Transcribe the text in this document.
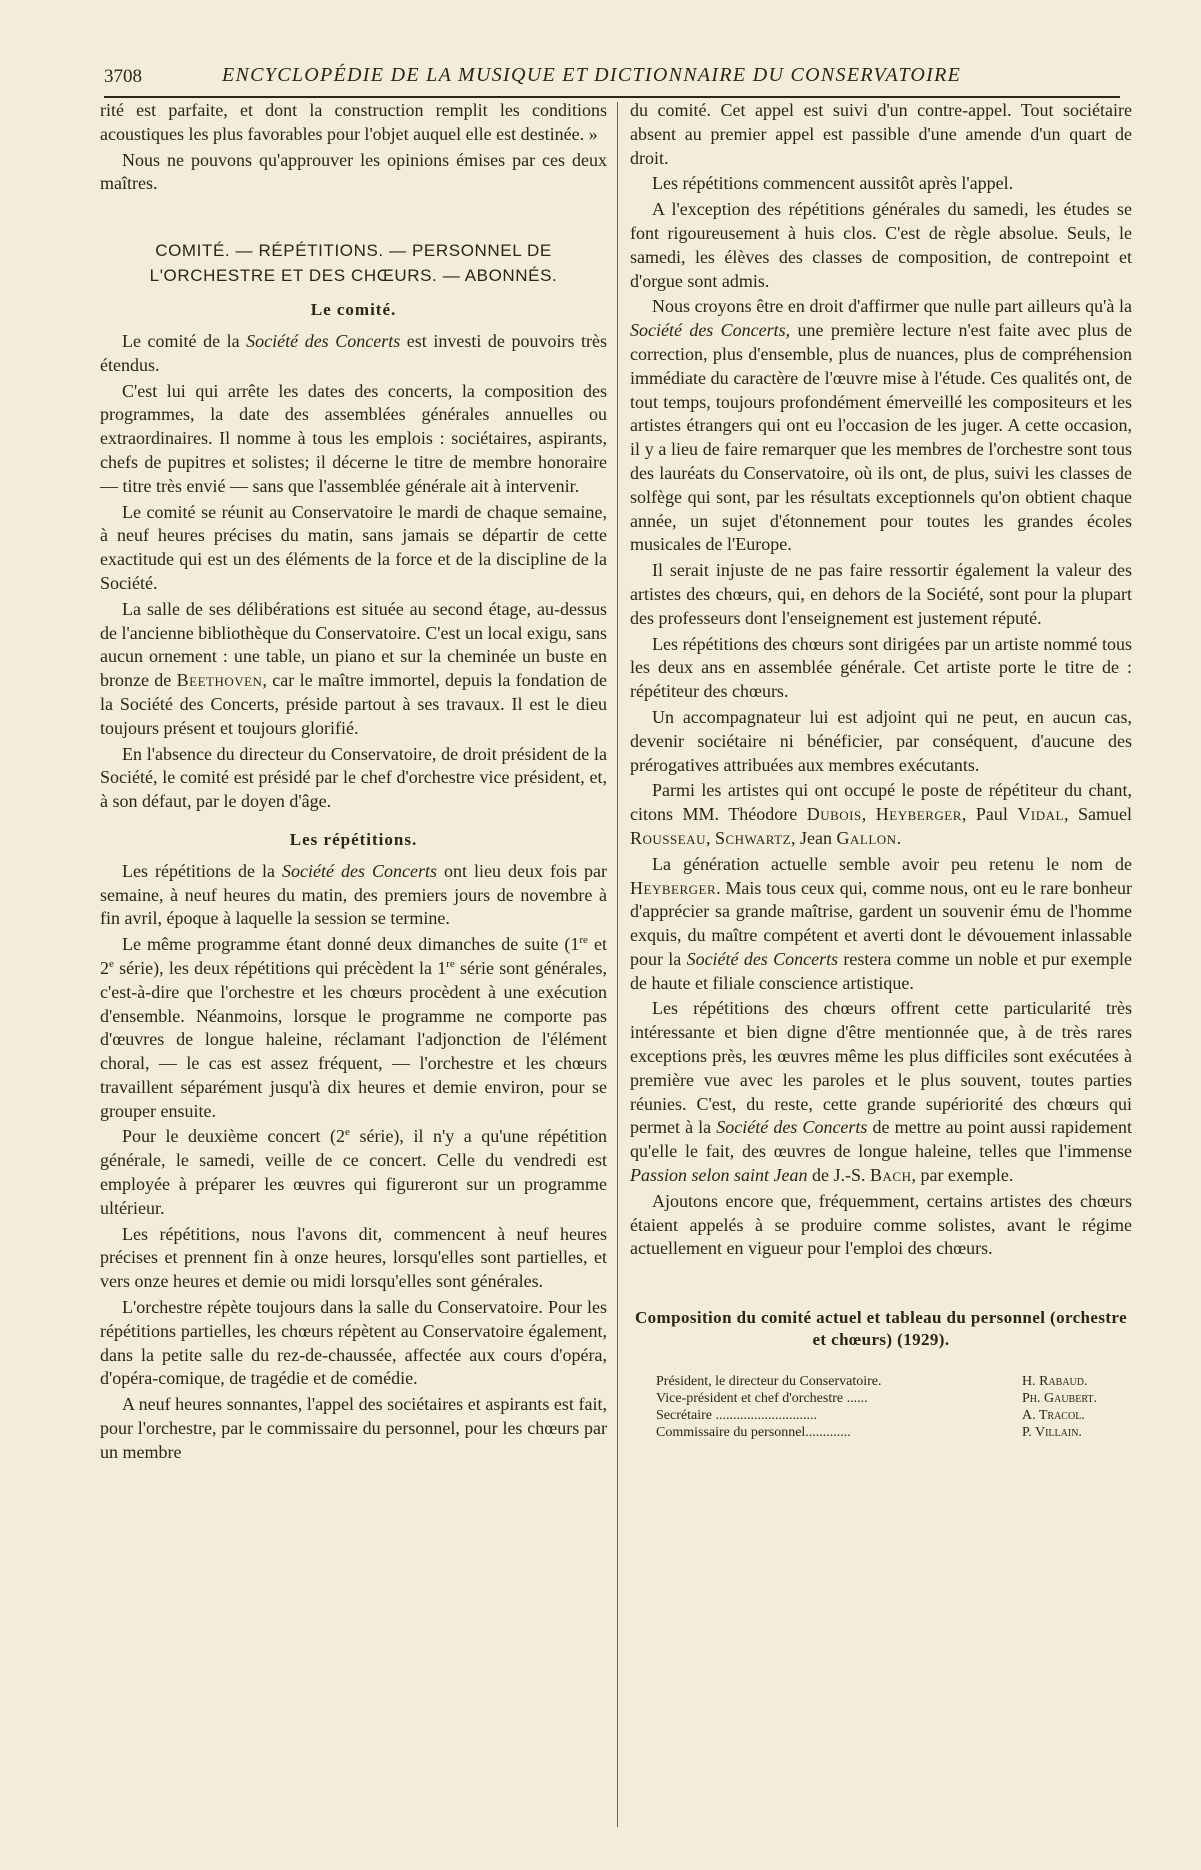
3708	ENCYCLOPÉDIE DE LA MUSIQUE ET DICTIONNAIRE DU CONSERVATOIRE

rité est parfaite, et dont la construction remplit les conditions acoustiques les plus favorables pour l'objet auquel elle est destinée. »

Nous ne pouvons qu'approuver les opinions émises par ces deux maîtres.

COMITÉ. — RÉPÉTITIONS. — PERSONNEL DE L'ORCHESTRE ET DES CHŒURS. — ABONNÉS.
Le comité.

Le comité de la Société des Concerts est investi de pouvoirs très étendus.

C'est lui qui arrête les dates des concerts, la composition des programmes, la date des assemblées générales annuelles ou extraordinaires. Il nomme à tous les emplois : sociétaires, aspirants, chefs de pupitres et solistes; il décerne le titre de membre honoraire — titre très envié — sans que l'assemblée générale ait à intervenir.

Le comité se réunit au Conservatoire le mardi de chaque semaine, à neuf heures précises du matin, sans jamais se départir de cette exactitude qui est un des éléments de la force et de la discipline de la Société.

La salle de ses délibérations est située au second étage, au-dessus de l'ancienne bibliothèque du Conservatoire. C'est un local exigu, sans aucun ornement : une table, un piano et sur la cheminée un buste en bronze de Beethoven, car le maître immortel, depuis la fondation de la Société des Concerts, préside partout à ses travaux. Il est le dieu toujours présent et toujours glorifié.

En l'absence du directeur du Conservatoire, de droit président de la Société, le comité est présidé par le chef d'orchestre vice président, et, à son défaut, par le doyen d'âge.

Les répétitions.

Les répétitions de la Société des Concerts ont lieu deux fois par semaine, à neuf heures du matin, des premiers jours de novembre à fin avril, époque à laquelle la session se termine.

Le même programme étant donné deux dimanches de suite (1re et 2e série), les deux répétitions qui précèdent la 1re série sont générales, c'est-à-dire que l'orchestre et les chœurs procèdent à une exécution d'ensemble. Néanmoins, lorsque le programme ne comporte pas d'œuvres de longue haleine, réclamant l'adjonction de l'élément choral, — le cas est assez fréquent, — l'orchestre et les chœurs travaillent séparément jusqu'à dix heures et demie environ, pour se grouper ensuite.

Pour le deuxième concert (2e série), il n'y a qu'une répétition générale, le samedi, veille de ce concert. Celle du vendredi est employée à préparer les œuvres qui figureront sur un programme ultérieur.

Les répétitions, nous l'avons dit, commencent à neuf heures précises et prennent fin à onze heures, lorsqu'elles sont partielles, et vers onze heures et demie ou midi lorsqu'elles sont générales.

L'orchestre répète toujours dans la salle du Conservatoire. Pour les répétitions partielles, les chœurs répètent au Conservatoire également, dans la petite salle du rez-de-chaussée, affectée aux cours d'opéra, d'opéra-comique, de tragédie et de comédie.

A neuf heures sonnantes, l'appel des sociétaires et aspirants est fait, pour l'orchestre, par le commissaire du personnel, pour les chœurs par un membre

du comité. Cet appel est suivi d'un contre-appel. Tout sociétaire absent au premier appel est passible d'une amende d'un quart de droit.

Les répétitions commencent aussitôt après l'appel.

A l'exception des répétitions générales du samedi, les études se font rigoureusement à huis clos. C'est de règle absolue. Seuls, le samedi, les élèves des classes de composition, de contrepoint et d'orgue sont admis.

Nous croyons être en droit d'affirmer que nulle part ailleurs qu'à la Société des Concerts, une première lecture n'est faite avec plus de correction, plus d'ensemble, plus de nuances, plus de compréhension immédiate du caractère de l'œuvre mise à l'étude. Ces qualités ont, de tout temps, toujours profondément émerveillé les compositeurs et les artistes étrangers qui ont eu l'occasion de les juger. A cette occasion, il y a lieu de faire remarquer que les membres de l'orchestre sont tous des lauréats du Conservatoire, où ils ont, de plus, suivi les classes de solfège qui sont, par les résultats exceptionnels qu'on obtient chaque année, un sujet d'étonnement pour toutes les grandes écoles musicales de l'Europe.

Il serait injuste de ne pas faire ressortir également la valeur des artistes des chœurs, qui, en dehors de la Société, sont pour la plupart des professeurs dont l'enseignement est justement réputé.

Les répétitions des chœurs sont dirigées par un artiste nommé tous les deux ans en assemblée générale. Cet artiste porte le titre de : répétiteur des chœurs.

Un accompagnateur lui est adjoint qui ne peut, en aucun cas, devenir sociétaire ni bénéficier, par conséquent, d'aucune des prérogatives attribuées aux membres exécutants.

Parmi les artistes qui ont occupé le poste de répétiteur du chant, citons MM. Théodore Dubois, Heyberger, Paul Vidal, Samuel Rousseau, Schwartz, Jean Gallon.

La génération actuelle semble avoir peu retenu le nom de Heyberger. Mais tous ceux qui, comme nous, ont eu le rare bonheur d'apprécier sa grande maîtrise, gardent un souvenir ému de l'homme exquis, du maître compétent et averti dont le dévouement inlassable pour la Société des Concerts restera comme un noble et pur exemple de haute et filiale conscience artistique.

Les répétitions des chœurs offrent cette particularité très intéressante et bien digne d'être mentionnée que, à de très rares exceptions près, les œuvres même les plus difficiles sont exécutées à première vue avec les paroles et le plus souvent, toutes parties réunies. C'est, du reste, cette grande supériorité des chœurs qui permet à la Société des Concerts de mettre au point aussi rapidement qu'elle le fait, des œuvres de longue haleine, telles que l'immense Passion selon saint Jean de J.-S. Bach, par exemple.

Ajoutons encore que, fréquemment, certains artistes des chœurs étaient appelés à se produire comme solistes, avant le régime actuellement en vigueur pour l'emploi des chœurs.

Composition du comité actuel et tableau du personnel (orchestre et chœurs) (1929).
Président, le directeur du Conservatoire.	H. Rabaud.
Vice-président et chef d'orchestre ......	Ph. Gaubert.
Secrétaire .............................	A. Tracol.
Commissaire du personnel.............	P. Villain.
